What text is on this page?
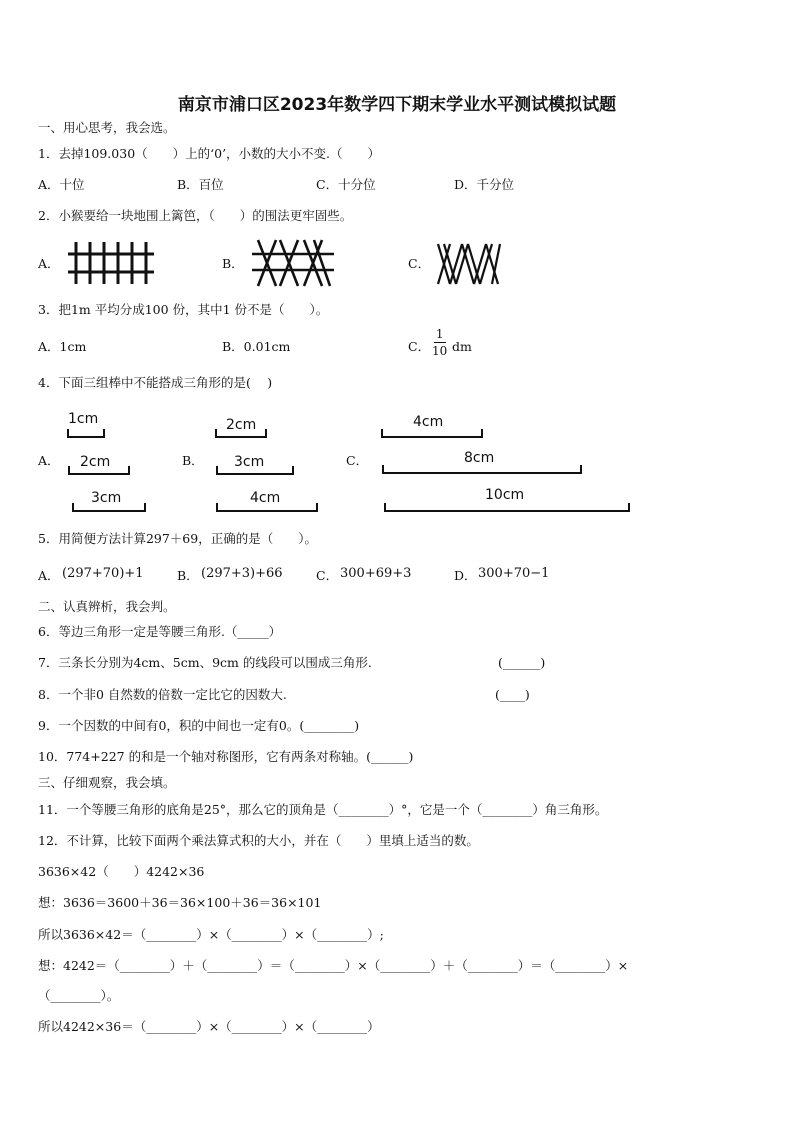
南京市浦口区2023年数学四下期末学业水平测试模拟试题
一、用心思考，我会选。
1．去掉109.030（　　）上的‘0’，小数的大小不变.（　　）
A．十位	B．百位	C．十分位	D．千分位
2．小猴要给一块地围上篱笆，（　　）的围法更牢固些。
A．	B．	C．
3．把1m 平均分成100 份，其中1 份不是（　　）。
A．1cm	B．0.01cm	C．
1
10 dm
4．下面三组棒中不能搭成三角形的是(　 )
A．	B．	C．
1cm
2cm
3cm
2cm
3cm
4cm
4cm
8cm
10cm
5．用简便方法计算297＋69，正确的是（　　）。
A． (297+70)+1	B． (297+3)+66	C． 300+69+3	D． 300+70−1
二、认真辨析，我会判。
6．等边三角形一定是等腰三角形.（_____）
7．三条长分别为4cm、5cm、9cm 的线段可以围成三角形.	(______)
8．一个非0 自然数的倍数一定比它的因数大.	(____)
9．一个因数的中间有0，积的中间也一定有0。(________)
10．774+227 的和是一个轴对称图形，它有两条对称轴。(______)
三、仔细观察，我会填。
11．一个等腰三角形的底角是25°，那么它的顶角是（________）°，它是一个（________）角三角形。
12．不计算，比较下面两个乘法算式积的大小，并在（　　）里填上适当的数。
3636×42（　　）4242×36
想：3636＝3600＋36＝36×100＋36＝36×101
所以3636×42＝（________）×（________）×（________）;
想：4242＝（________）＋（________）＝（________）×（________）＋（________）＝（________）×
（________）。
所以4242×36＝（________）×（________）×（________）
